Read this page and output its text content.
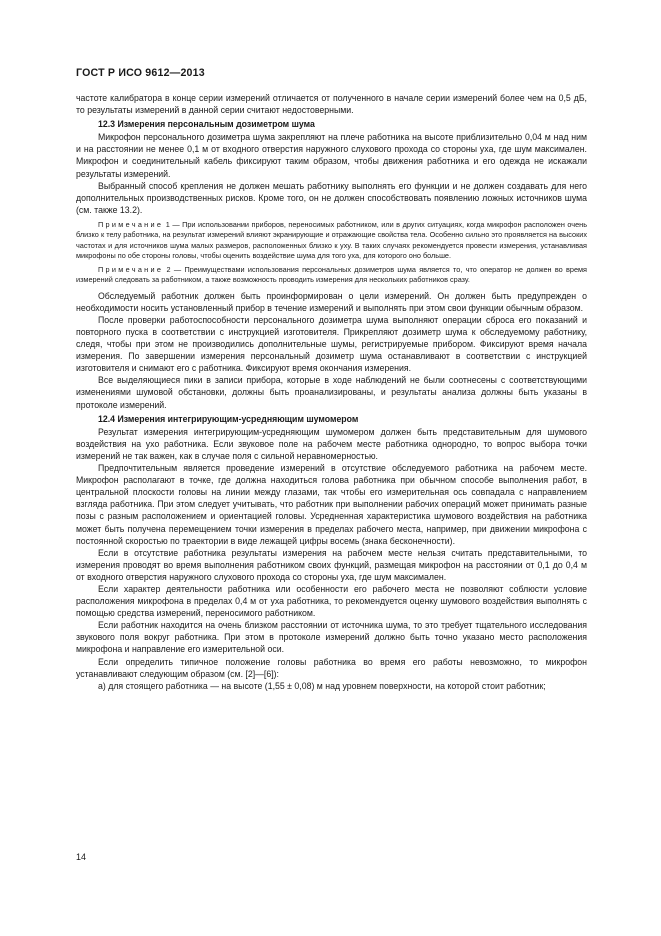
ГОСТ Р ИСО 9612—2013

частоте калибратора в конце серии измерений отличается от полученного в начале серии измерений более чем на 0,5 дБ, то результаты измерений в данной серии считают недостоверными.

12.3 Измерения персональным дозиметром шума

Микрофон персонального дозиметра шума закрепляют на плече работника на высоте приблизительно 0,04 м над ним и на расстоянии не менее 0,1 м от входного отверстия наружного слухового прохода со стороны уха, где шум максимален. Микрофон и соединительный кабель фиксируют таким образом, чтобы движения работника и его одежда не искажали результаты измерений.

Выбранный способ крепления не должен мешать работнику выполнять его функции и не должен создавать для него дополнительных производственных рисков. Кроме того, он не должен способствовать появлению ложных источников шума (см. также 13.2).

Примечание 1 — При использовании приборов, переносимых работником, или в других ситуациях, когда микрофон расположен очень близко к телу работника, на результат измерений влияют экранирующие и отражающие свойства тела. Особенно сильно это проявляется на высоких частотах и для источников шума малых размеров, расположенных близко к уху. В таких случаях рекомендуется провести измерения, устанавливая микрофоны по обе стороны головы, чтобы оценить воздействие шума для того уха, для которого оно больше.

Примечание 2 — Преимуществами использования персональных дозиметров шума является то, что оператор не должен во время измерений следовать за работником, а также возможность проводить измерения для нескольких работников сразу.

Обследуемый работник должен быть проинформирован о цели измерений. Он должен быть предупрежден о необходимости носить установленный прибор в течение измерений и выполнять при этом свои функции обычным образом.

После проверки работоспособности персонального дозиметра шума выполняют операции сброса его показаний и повторного пуска в соответствии с инструкцией изготовителя. Прикрепляют дозиметр шума к обследуемому работнику, следя, чтобы при этом не производились дополнительные шумы, регистрируемые прибором. Фиксируют время начала измерения. По завершении измерения персональный дозиметр шума останавливают в соответствии с инструкцией изготовителя и снимают его с работника. Фиксируют время окончания измерения.

Все выделяющиеся пики в записи прибора, которые в ходе наблюдений не были соотнесены с соответствующими изменениями шумовой обстановки, должны быть проанализированы, и результаты анализа должны быть указаны в протоколе измерений.

12.4 Измерения интегрирующим-усредняющим шумомером

Результат измерения интегрирующим-усредняющим шумомером должен быть представительным для шумового воздействия на ухо работника. Если звуковое поле на рабочем месте работника однородно, то вопрос выбора точки измерений не так важен, как в случае поля с сильной неравномерностью.

Предпочтительным является проведение измерений в отсутствие обследуемого работника на рабочем месте. Микрофон располагают в точке, где должна находиться голова работника при обычном способе выполнения работ, в центральной плоскости головы на линии между глазами, так чтобы его измерительная ось совпадала с направлением взгляда работника. При этом следует учитывать, что работник при выполнении рабочих операций может принимать разные позы с разным расположением и ориентацией головы. Усредненная характеристика шумового воздействия на работника может быть получена перемещением точки измерения в пределах рабочего места, например, при движении микрофона с постоянной скоростью по траектории в виде лежащей цифры восемь (знака бесконечности).

Если в отсутствие работника результаты измерения на рабочем месте нельзя считать представительными, то измерения проводят во время выполнения работником своих функций, размещая микрофон на расстоянии от 0,1 до 0,4 м от входного отверстия наружного слухового прохода со стороны уха, где шум максимален.

Если характер деятельности работника или особенности его рабочего места не позволяют соблюсти условие расположения микрофона в пределах 0,4 м от уха работника, то рекомендуется оценку шумового воздействия выполнять с помощью средства измерений, переносимого работником.

Если работник находится на очень близком расстоянии от источника шума, то это требует тщательного исследования звукового поля вокруг работника. При этом в протоколе измерений должно быть точно указано место расположения микрофона и направление его измерительной оси.

Если определить типичное положение головы работника во время его работы невозможно, то микрофон устанавливают следующим образом (см. [2]—[6]):

а) для стоящего работника — на высоте (1,55 ± 0,08) м над уровнем поверхности, на которой стоит работник;

14
